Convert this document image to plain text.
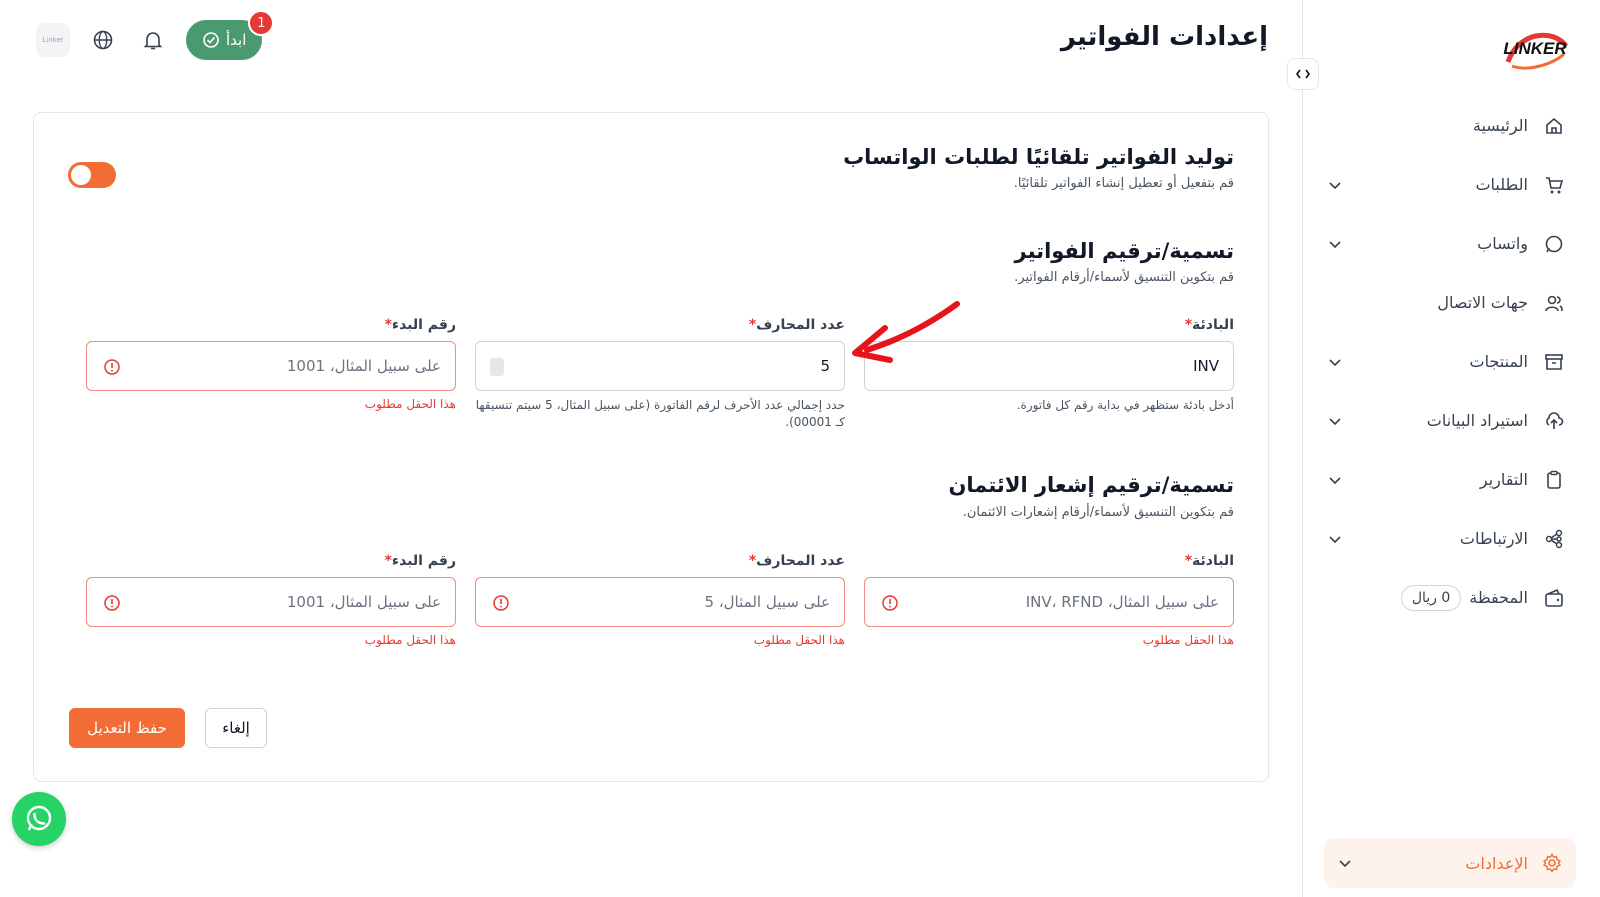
LINKER
الرئيسية
الطلبات
واتساب
جهات الاتصال
المنتجات
استيراد البيانات
التقارير
الارتباطات
المحفظة
0 ريال
الإعدادات
إعدادات الفواتير
Linker	ابدأ
1
توليد الفواتير تلقائيًا لطلبات الواتساب

قم بتفعيل أو تعطيل إنشاء الفواتير تلقائيًا.

تسمية/ترقيم الفواتير

قم بتكوين التنسيق لأسماء/أرقام الفواتير.

البادئة*
INV
أدخل بادئة ستظهر في بداية رقم كل فاتورة.
عدد المحارف*
5
حدد إجمالي عدد الأحرف لرقم الفاتورة (على سبيل المثال، 5 سيتم تنسيقها كـ 00001).
رقم البدء*
على سبيل المثال، 1001
هذا الحقل مطلوب
تسمية/ترقيم إشعار الائتمان

قم بتكوين التنسيق لأسماء/أرقام إشعارات الائتمان.

البادئة*
على سبيل المثال، INV، RFND
هذا الحقل مطلوب
عدد المحارف*
على سبيل المثال، 5
هذا الحقل مطلوب
رقم البدء*
على سبيل المثال، 1001
هذا الحقل مطلوب
إلغاء
حفظ التعديل
